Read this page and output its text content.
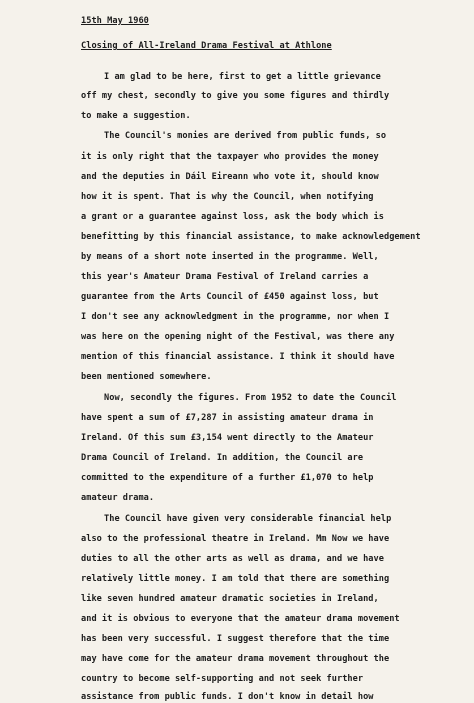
15th May 1960
Closing of All-Ireland Drama Festival at Athlone
I am glad to be here, first to get a little grievance
off my chest, secondly to give you some figures and thirdly
to make a suggestion.
The Council's monies are derived from public funds, so
it is only right that the taxpayer who provides the money
and the deputies in Dáil Eireann who vote it, should know
how it is spent. That is why the Council, when notifying
a grant or a guarantee against loss, ask the body which is
benefitting by this financial assistance, to make acknowledgement
by means of a short note inserted in the programme. Well,
this year's Amateur Drama Festival of Ireland carries a
guarantee from the Arts Council of £450 against loss, but
I don't see any acknowledgment in the programme, nor when I
was here on the opening night of the Festival, was there any
mention of this financial assistance. I think it should have
been mentioned somewhere.
Now, secondly the figures. From 1952 to date the Council
have spent a sum of £7,287 in assisting amateur drama in
Ireland. Of this sum £3,154 went directly to the Amateur
Drama Council of Ireland. In addition, the Council are
committed to the expenditure of a further £1,070 to help
amateur drama.
The Council have given very considerable financial help
also to the professional theatre in Ireland. Mm Now we have
duties to all the other arts as well as drama, and we have
relatively little money. I am told that there are something
like seven hundred amateur dramatic societies in Ireland,
and it is obvious to everyone that the amateur drama movement
has been very successful. I suggest therefore that the time
may have come for the amateur drama movement throughout the
country to become self-supporting and not seek further
assistance from public funds. I don't know in detail how
